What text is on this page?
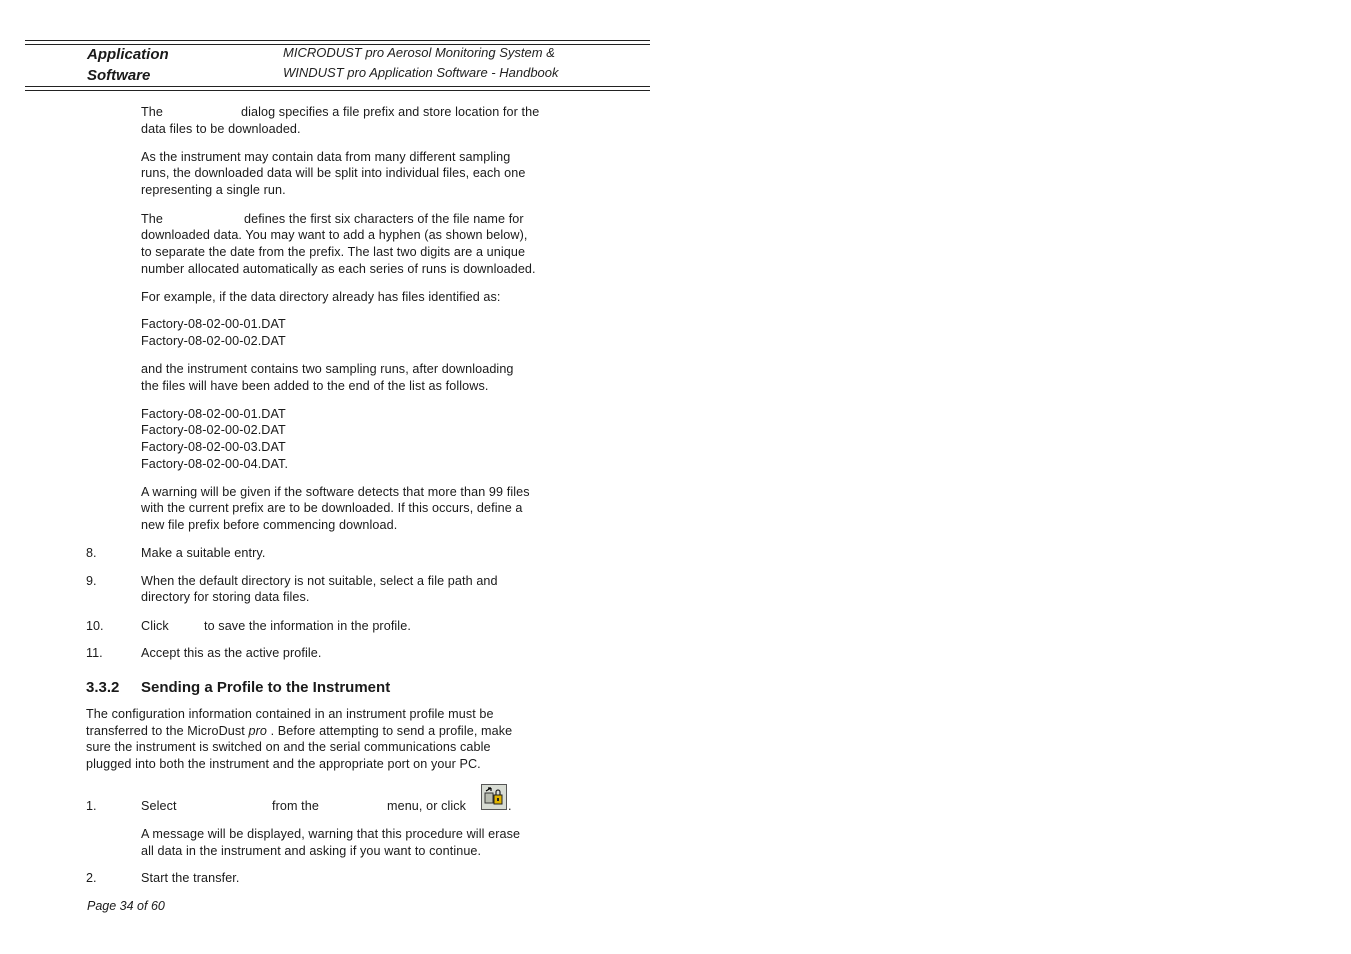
Application
Software
MICRODUST pro Aerosol Monitoring System &
WINDUST pro Application Software - Handbook
The	dialog specifies a file prefix and store location for the
data files to be downloaded.
As the instrument may contain data from many different sampling
runs, the downloaded data will be split into individual files, each one
representing a single run.
The	defines the first six characters of the file name for
downloaded data. You may want to add a hyphen (as shown below),
to separate the date from the prefix. The last two digits are a unique
number allocated automatically as each series of runs is downloaded.
For example, if the data directory already has files identified as:
Factory-08-02-00-01.DAT
Factory-08-02-00-02.DAT
and the instrument contains two sampling runs, after downloading
the files will have been added to the end of the list as follows.
Factory-08-02-00-01.DAT
Factory-08-02-00-02.DAT
Factory-08-02-00-03.DAT
Factory-08-02-00-04.DAT.
A warning will be given if the software detects that more than 99 files
with the current prefix are to be downloaded. If this occurs, define a
new file prefix before commencing download.
8.	Make a suitable entry.
9.	When the default directory is not suitable, select a file path and
directory for storing data files.
10.	Click	to save the information in the profile.
11.	Accept this as the active profile.
3.3.2 Sending a Profile to the Instrument
The configuration information contained in an instrument profile must be
transferred to the MicroDust pro . Before attempting to send a profile, make
sure the instrument is switched on and the serial communications cable
plugged into both the instrument and the appropriate port on your PC.
1.	Select	from the	menu, or click	.
A message will be displayed, warning that this procedure will erase
all data in the instrument and asking if you want to continue.
2.	Start the transfer.
Page 34 of 60
